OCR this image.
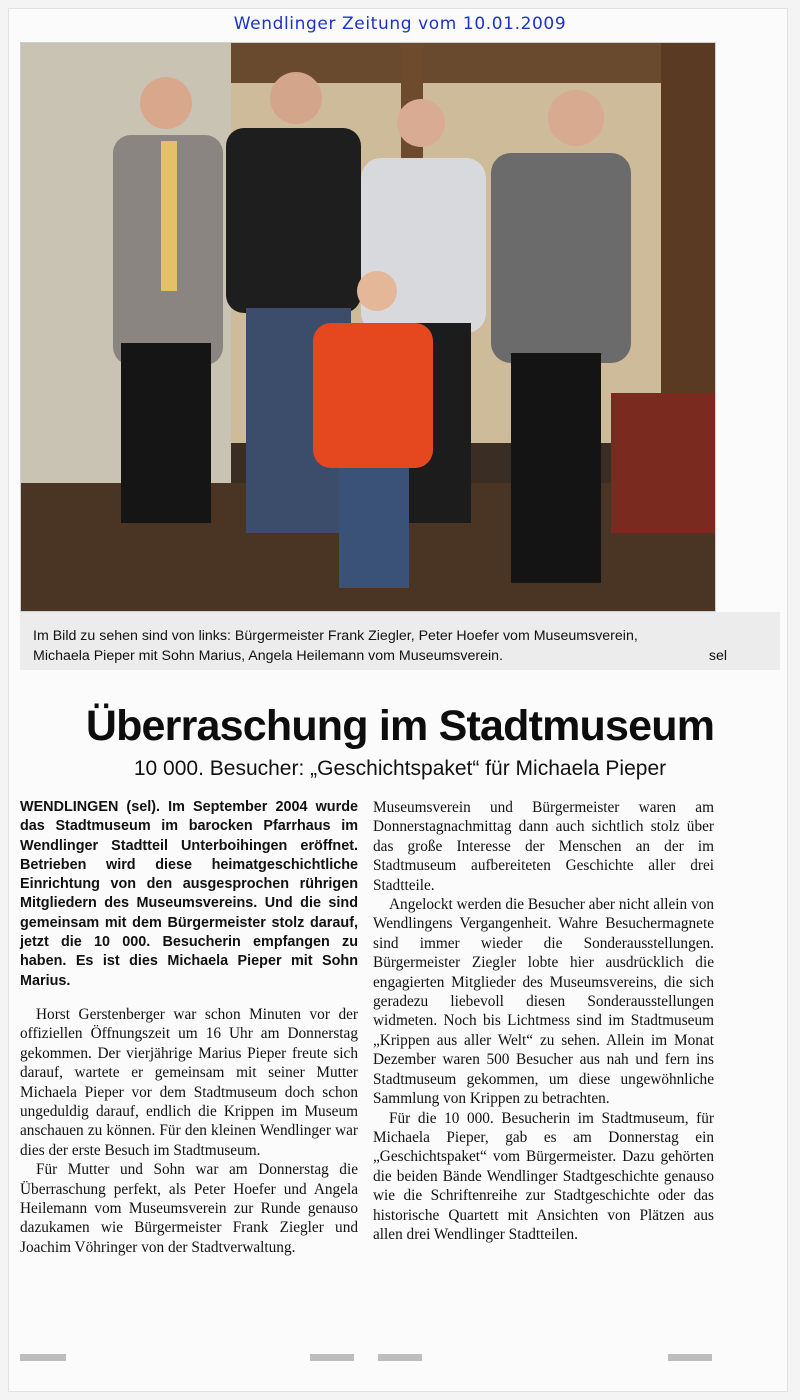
Wendlinger Zeitung vom 10.01.2009
Im Bild zu sehen sind von links: Bürgermeister Frank Ziegler, Peter Hoefer vom Museumsverein,
Michaela Pieper mit Sohn Marius, Angela Heilemann vom Museumsverein.	sel
Überraschung im Stadtmuseum
10 000. Besucher: „Geschichtspaket“ für Michaela Pieper

WENDLINGEN (sel). Im September 2004 wurde das Stadtmuseum im barocken Pfarrhaus im Wendlinger Stadtteil Unterboihingen eröffnet. Betrieben wird diese heimatgeschichtliche Einrichtung von den ausgesprochen rührigen Mitgliedern des Museumsvereins. Und die sind gemeinsam mit dem Bürgermeister stolz darauf, jetzt die 10 000. Besucherin empfangen zu haben. Es ist dies Michaela Pieper mit Sohn Marius.

Horst Gerstenberger war schon Minuten vor der offiziellen Öffnungszeit um 16 Uhr am Donnerstag gekommen. Der vierjährige Marius Pieper freute sich darauf, wartete er gemeinsam mit seiner Mutter Michaela Pieper vor dem Stadtmuseum doch schon ungeduldig darauf, endlich die Krippen im Museum anschauen zu können. Für den kleinen Wendlinger war dies der erste Besuch im Stadtmuseum.

Für Mutter und Sohn war am Donnerstag die Überraschung perfekt, als Peter Hoefer und Angela Heilemann vom Museumsverein zur Runde genauso dazukamen wie Bürgermeister Frank Ziegler und Joachim Vöhringer von der Stadtverwaltung.

Museumsverein und Bürgermeister waren am Donnerstagnachmittag dann auch sichtlich stolz über das große Interesse der Menschen an der im Stadtmuseum aufbereiteten Geschichte aller drei Stadtteile.

Angelockt werden die Besucher aber nicht allein von Wendlingens Vergangenheit. Wahre Besuchermagnete sind immer wieder die Sonderausstellungen. Bürgermeister Ziegler lobte hier ausdrücklich die engagierten Mitglieder des Museumsvereins, die sich geradezu liebevoll diesen Sonderausstellungen widmeten. Noch bis Lichtmess sind im Stadtmuseum „Krippen aus aller Welt“ zu sehen. Allein im Monat Dezember waren 500 Besucher aus nah und fern ins Stadtmuseum gekommen, um diese ungewöhnliche Sammlung von Krippen zu betrachten.

Für die 10 000. Besucherin im Stadtmuseum, für Michaela Pieper, gab es am Donnerstag ein „Geschichtspaket“ vom Bürgermeister. Dazu gehörten die beiden Bände Wendlinger Stadtgeschichte genauso wie die Schriftenreihe zur Stadtgeschichte oder das historische Quartett mit Ansichten von Plätzen aus allen drei Wendlinger Stadtteilen.
